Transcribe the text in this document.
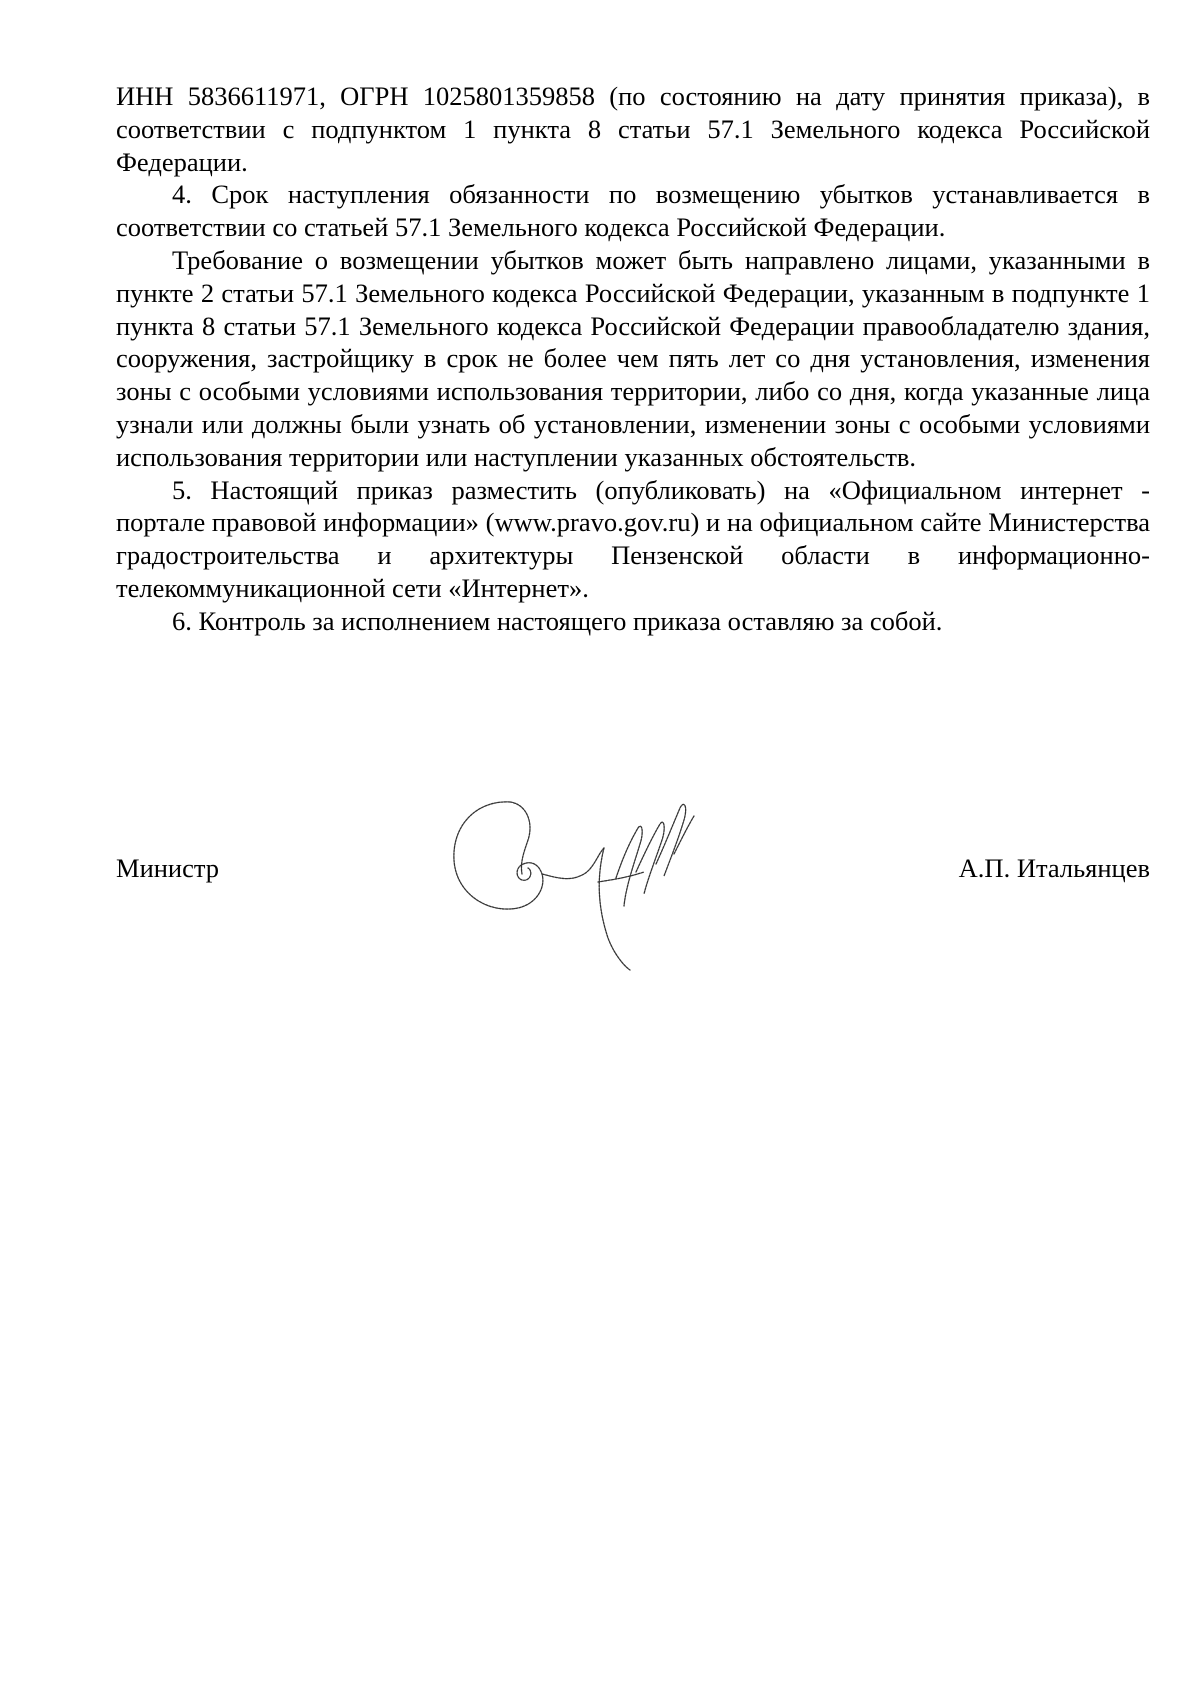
ИНН 5836611971, ОГРН 1025801359858 (по состоянию на дату принятия приказа), в соответствии с подпунктом 1 пункта 8 статьи 57.1 Земельного кодекса Российской Федерации.

4. Срок наступления обязанности по возмещению убытков устанавливается в соответствии со статьей 57.1 Земельного кодекса Российской Федерации.

Требование о возмещении убытков может быть направлено лицами, указанными в пункте 2 статьи 57.1 Земельного кодекса Российской Федерации, указанным в подпункте 1 пункта 8 статьи 57.1 Земельного кодекса Российской Федерации правообладателю здания, сооружения, застройщику в срок не более чем пять лет со дня установления, изменения зоны с особыми условиями использования территории, либо со дня, когда указанные лица узнали или должны были узнать об установлении, изменении зоны с особыми условиями использования территории или наступлении указанных обстоятельств.

5. Настоящий приказ разместить (опубликовать) на «Официальном интернет - портале правовой информации» (www.pravo.gov.ru) и на официальном сайте Министерства градостроительства и архитектуры Пензенской области в информационно-телекоммуникационной сети «Интернет».

6. Контроль за исполнением настоящего приказа оставляю за собой.

Министр	А.П. Итальянцев
